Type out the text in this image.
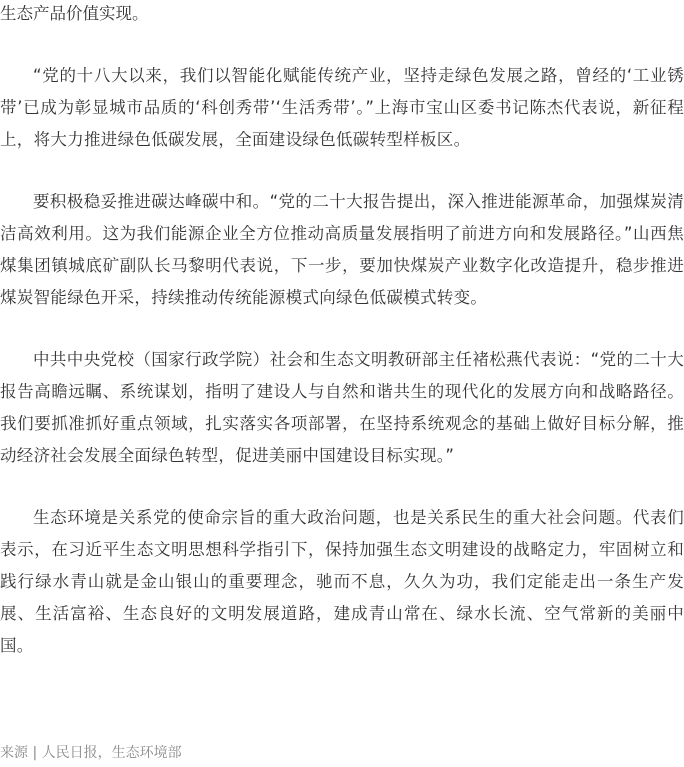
生态产品价值实现。

“党的十八大以来，我们以智能化赋能传统产业，坚持走绿色发展之路，曾经的‘工业锈带’已成为彰显城市品质的‘科创秀带’‘生活秀带’。”上海市宝山区委书记陈杰代表说，新征程上，将大力推进绿色低碳发展，全面建设绿色低碳转型样板区。

要积极稳妥推进碳达峰碳中和。“党的二十大报告提出，深入推进能源革命，加强煤炭清洁高效利用。这为我们能源企业全方位推动高质量发展指明了前进方向和发展路径。”山西焦煤集团镇城底矿副队长马黎明代表说，下一步，要加快煤炭产业数字化改造提升，稳步推进煤炭智能绿色开采，持续推动传统能源模式向绿色低碳模式转变。

中共中央党校（国家行政学院）社会和生态文明教研部主任褚松燕代表说：“党的二十大报告高瞻远瞩、系统谋划，指明了建设人与自然和谐共生的现代化的发展方向和战略路径。我们要抓准抓好重点领域，扎实落实各项部署，在坚持系统观念的基础上做好目标分解，推动经济社会发展全面绿色转型，促进美丽中国建设目标实现。”

生态环境是关系党的使命宗旨的重大政治问题，也是关系民生的重大社会问题。代表们表示，在习近平生态文明思想科学指引下，保持加强生态文明建设的战略定力，牢固树立和践行绿水青山就是金山银山的重要理念，驰而不息，久久为功，我们定能走出一条生产发展、生活富裕、生态良好的文明发展道路，建成青山常在、绿水长流、空气常新的美丽中国。

来源 | 人民日报，生态环境部
